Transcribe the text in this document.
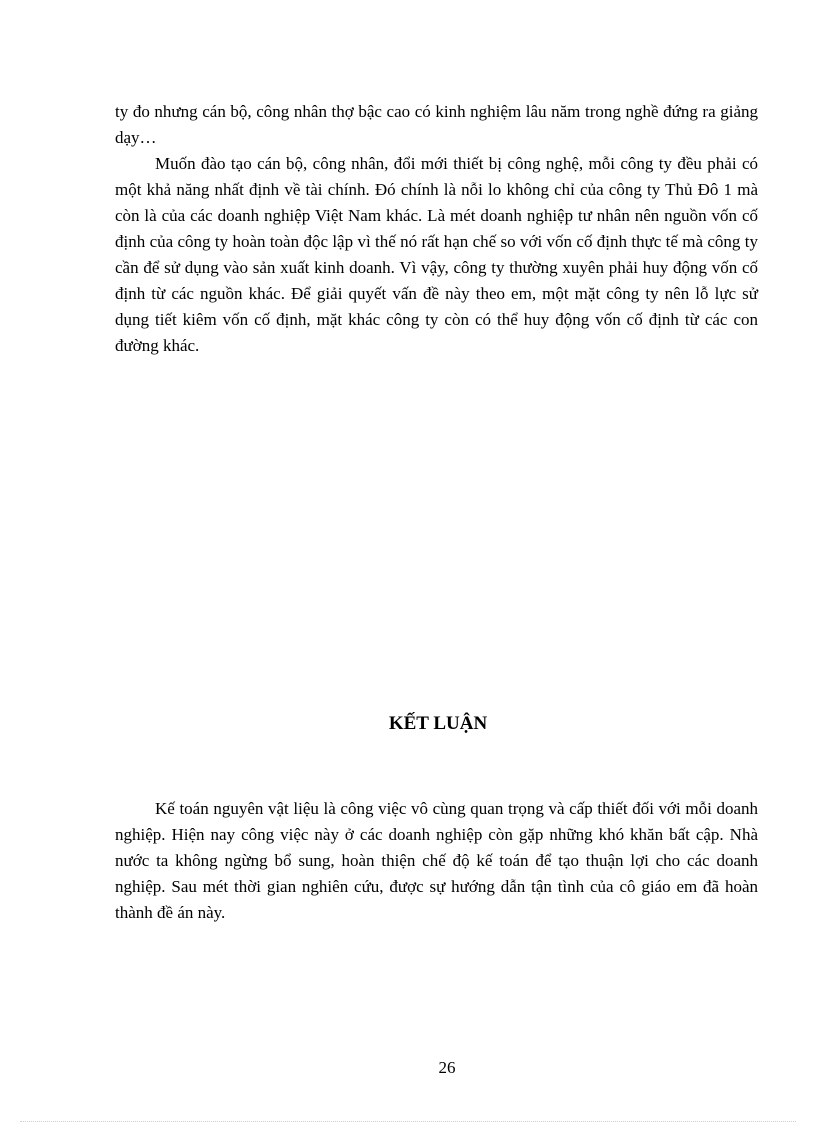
ty đo nhưng cán bộ, công nhân thợ bậc cao có kinh nghiệm lâu năm trong nghề đứng ra giảng dạy…

Muốn đào tạo cán bộ, công nhân, đổi mới thiết bị công nghệ, mỗi công ty đều phải có một khả năng nhất định về tài chính. Đó chính là nỗi lo không chỉ của công ty Thủ Đô 1 mà còn là của các doanh nghiệp Việt Nam khác. Là mét doanh nghiệp tư nhân nên nguồn vốn cố định của công ty hoàn toàn độc lập vì thế nó rất hạn chế so với vốn cố định thực tế mà công ty cần để sử dụng vào sản xuất kinh doanh. Vì vậy, công ty thường xuyên phải huy động vốn cố định từ các nguồn khác. Để giải quyết vấn đề này theo em, một mặt công ty nên lỗ lực sử dụng tiết kiêm vốn cố định, mặt khác công ty còn có thể huy động vốn cố định từ các con đường khác.

KẾT LUẬN

Kế toán nguyên vật liệu là công việc vô cùng quan trọng và cấp thiết đối với mỗi doanh nghiệp. Hiện nay công việc này ở các doanh nghiệp còn gặp những khó khăn bất cập. Nhà nước ta không ngừng bổ sung, hoàn thiện chế độ kế toán để tạo thuận lợi cho các doanh nghiệp. Sau mét thời gian nghiên cứu, được sự hướng dẫn tận tình của cô giáo em đã hoàn thành đề án này.

26
